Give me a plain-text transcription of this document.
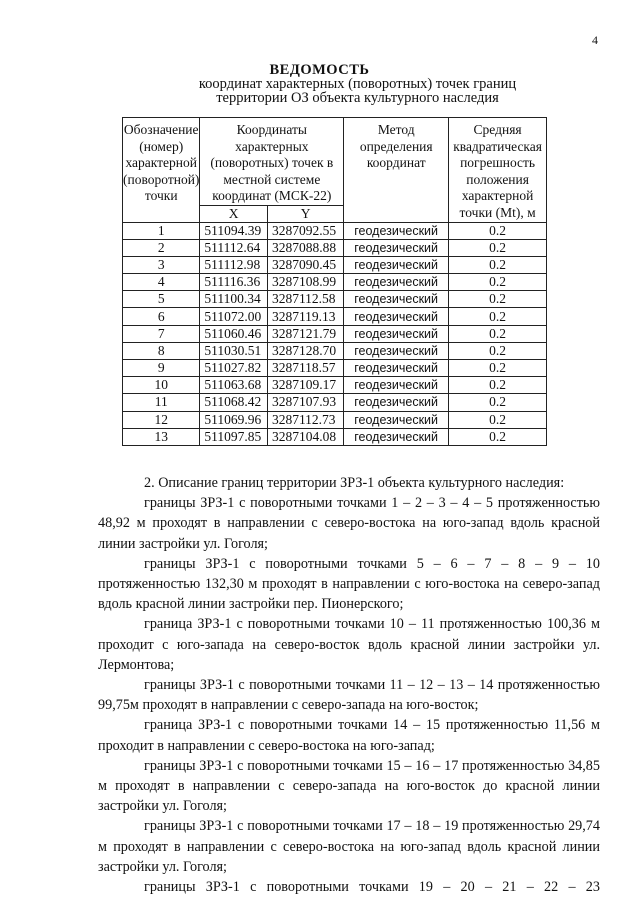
4
ВЕДОМОСТЬ
координат характерных (поворотных) точек границ
территории ОЗ объекта культурного наследия
Обозначение (номер) характерной (поворотной) точки	Координаты характерных (поворотных) точек в местной системе координат (МСК-22)		Метод определения координат	Средняя квадратическая погрешность положения характерной точки (Mt), м
	X	Y		
1	511094.39	3287092.55	геодезический	0.2
2	511112.64	3287088.88	геодезический	0.2
3	511112.98	3287090.45	геодезический	0.2
4	511116.36	3287108.99	геодезический	0.2
5	511100.34	3287112.58	геодезический	0.2
6	511072.00	3287119.13	геодезический	0.2
7	511060.46	3287121.79	геодезический	0.2
8	511030.51	3287128.70	геодезический	0.2
9	511027.82	3287118.57	геодезический	0.2
10	511063.68	3287109.17	геодезический	0.2
11	511068.42	3287107.93	геодезический	0.2
12	511069.96	3287112.73	геодезический	0.2
13	511097.85	3287104.08	геодезический	0.2

2. Описание границ территории ЗРЗ-1 объекта культурного наследия:

границы ЗРЗ-1 с поворотными точками 1 – 2 – 3 – 4 – 5 протяженностью 48,92 м проходят в направлении с северо-востока на юго-запад вдоль красной линии застройки ул. Гоголя;

границы ЗРЗ-1 с поворотными точками 5 – 6 – 7 – 8 – 9 – 10 протяженностью 132,30 м проходят в направлении с юго-востока на северо-запад вдоль красной линии застройки пер. Пионерского;

граница ЗРЗ-1 с поворотными точками 10 – 11 протяженностью 100,36 м проходит с юго-запада на северо-восток вдоль красной линии застройки ул. Лермонтова;

границы ЗРЗ-1 с поворотными точками 11 – 12 – 13 – 14 протяженностью 99,75м проходят в направлении с северо-запада на юго-восток;

граница ЗРЗ-1 с поворотными точками 14 – 15 протяженностью 11,56 м проходит в направлении с северо-востока на юго-запад;

границы ЗРЗ-1 с поворотными точками 15 – 16 – 17 протяженностью 34,85 м проходят в направлении с северо-запада на юго-восток до красной линии застройки ул. Гоголя;

границы ЗРЗ-1 с поворотными точками 17 – 18 – 19 протяженностью 29,74 м проходят в направлении с северо-востока на юго-запад вдоль красной линии застройки ул. Гоголя;

границы ЗРЗ-1 с поворотными точками 19 – 20 – 21 – 22 – 23
